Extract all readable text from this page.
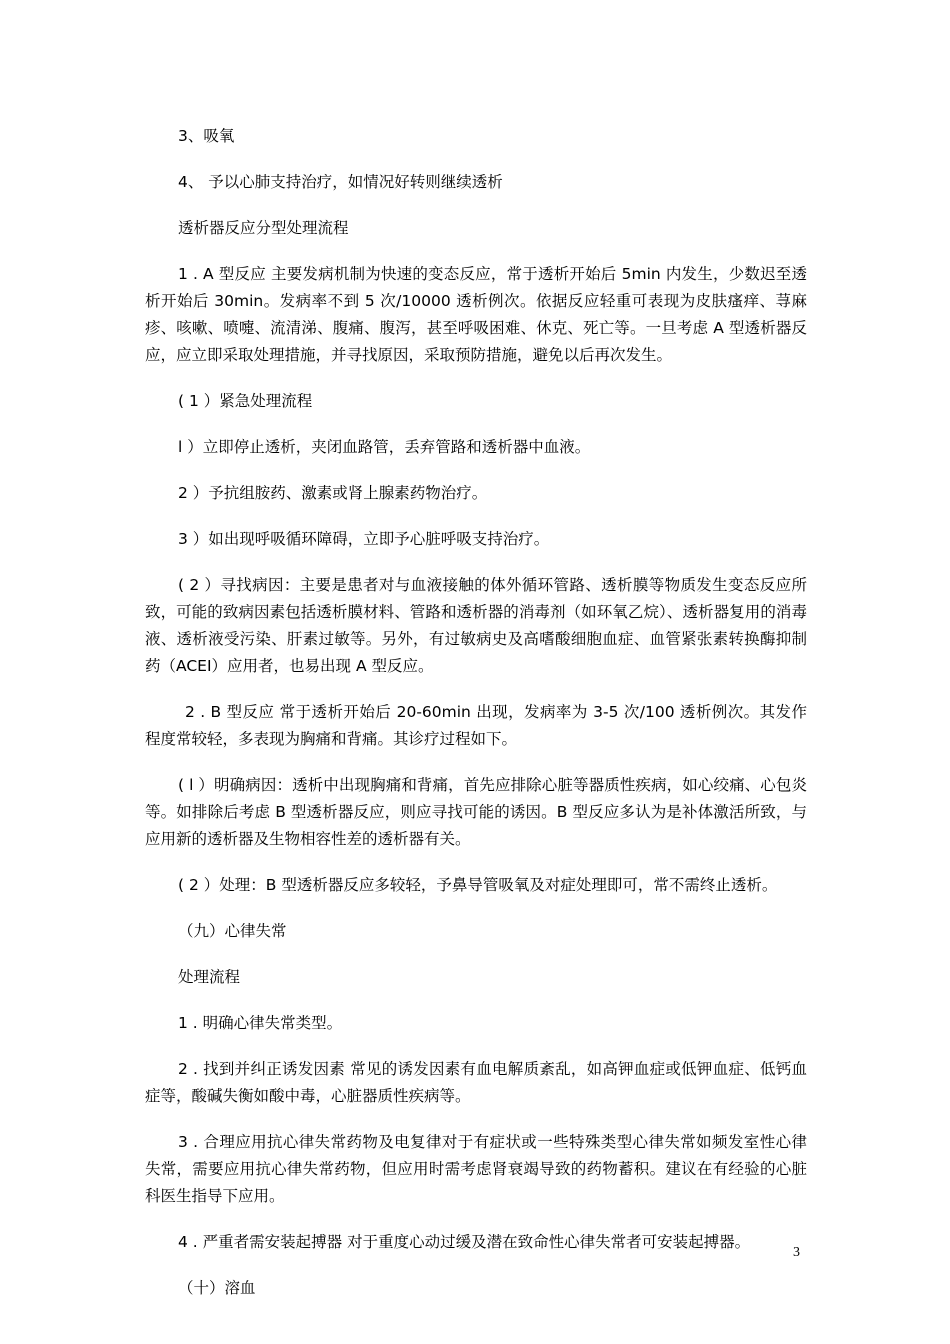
3、吸氧

4、 予以心肺支持治疗，如情况好转则继续透析

透析器反应分型处理流程

1 . A 型反应 主要发病机制为快速的变态反应，常于透析开始后 5min 内发生，少数迟至透析开始后 30min。发病率不到 5 次/10000 透析例次。依据反应轻重可表现为皮肤瘙痒、荨麻疹、咳嗽、喷嚏、流清涕、腹痛、腹泻，甚至呼吸困难、休克、死亡等。一旦考虑 A 型透析器反应，应立即采取处理措施，并寻找原因，采取预防措施，避免以后再次发生。

( 1 ）紧急处理流程

l ）立即停止透析，夹闭血路管，丢弃管路和透析器中血液。

2 ）予抗组胺药、激素或肾上腺素药物治疗。

3 ）如出现呼吸循环障碍，立即予心脏呼吸支持治疗。

( 2 ）寻找病因：主要是患者对与血液接触的体外循环管路、透析膜等物质发生变态反应所致，可能的致病因素包括透析膜材料、管路和透析器的消毒剂（如环氧乙烷）、透析器复用的消毒液、透析液受污染、肝素过敏等。另外，有过敏病史及高嗜酸细胞血症、血管紧张素转换酶抑制药（ACEI）应用者，也易出现 A 型反应。

2 . B 型反应 常于透析开始后 20-60min 出现，发病率为 3-5 次/100 透析例次。其发作程度常较轻，多表现为胸痛和背痛。其诊疗过程如下。

( l ）明确病因：透析中出现胸痛和背痛，首先应排除心脏等器质性疾病，如心绞痛、心包炎等。如排除后考虑 B 型透析器反应，则应寻找可能的诱因。B 型反应多认为是补体激活所致，与应用新的透析器及生物相容性差的透析器有关。

( 2 ）处理：B 型透析器反应多较轻，予鼻导管吸氧及对症处理即可，常不需终止透析。

（九）心律失常

处理流程

1 . 明确心律失常类型。

2 . 找到并纠正诱发因素 常见的诱发因素有血电解质紊乱，如高钾血症或低钾血症、低钙血症等，酸碱失衡如酸中毒，心脏器质性疾病等。

3 . 合理应用抗心律失常药物及电复律对于有症状或一些特殊类型心律失常如频发室性心律失常，需要应用抗心律失常药物，但应用时需考虑肾衰竭导致的药物蓄积。建议在有经验的心脏科医生指导下应用。

4 . 严重者需安装起搏器 对于重度心动过缓及潜在致命性心律失常者可安装起搏器。

（十）溶血

3
